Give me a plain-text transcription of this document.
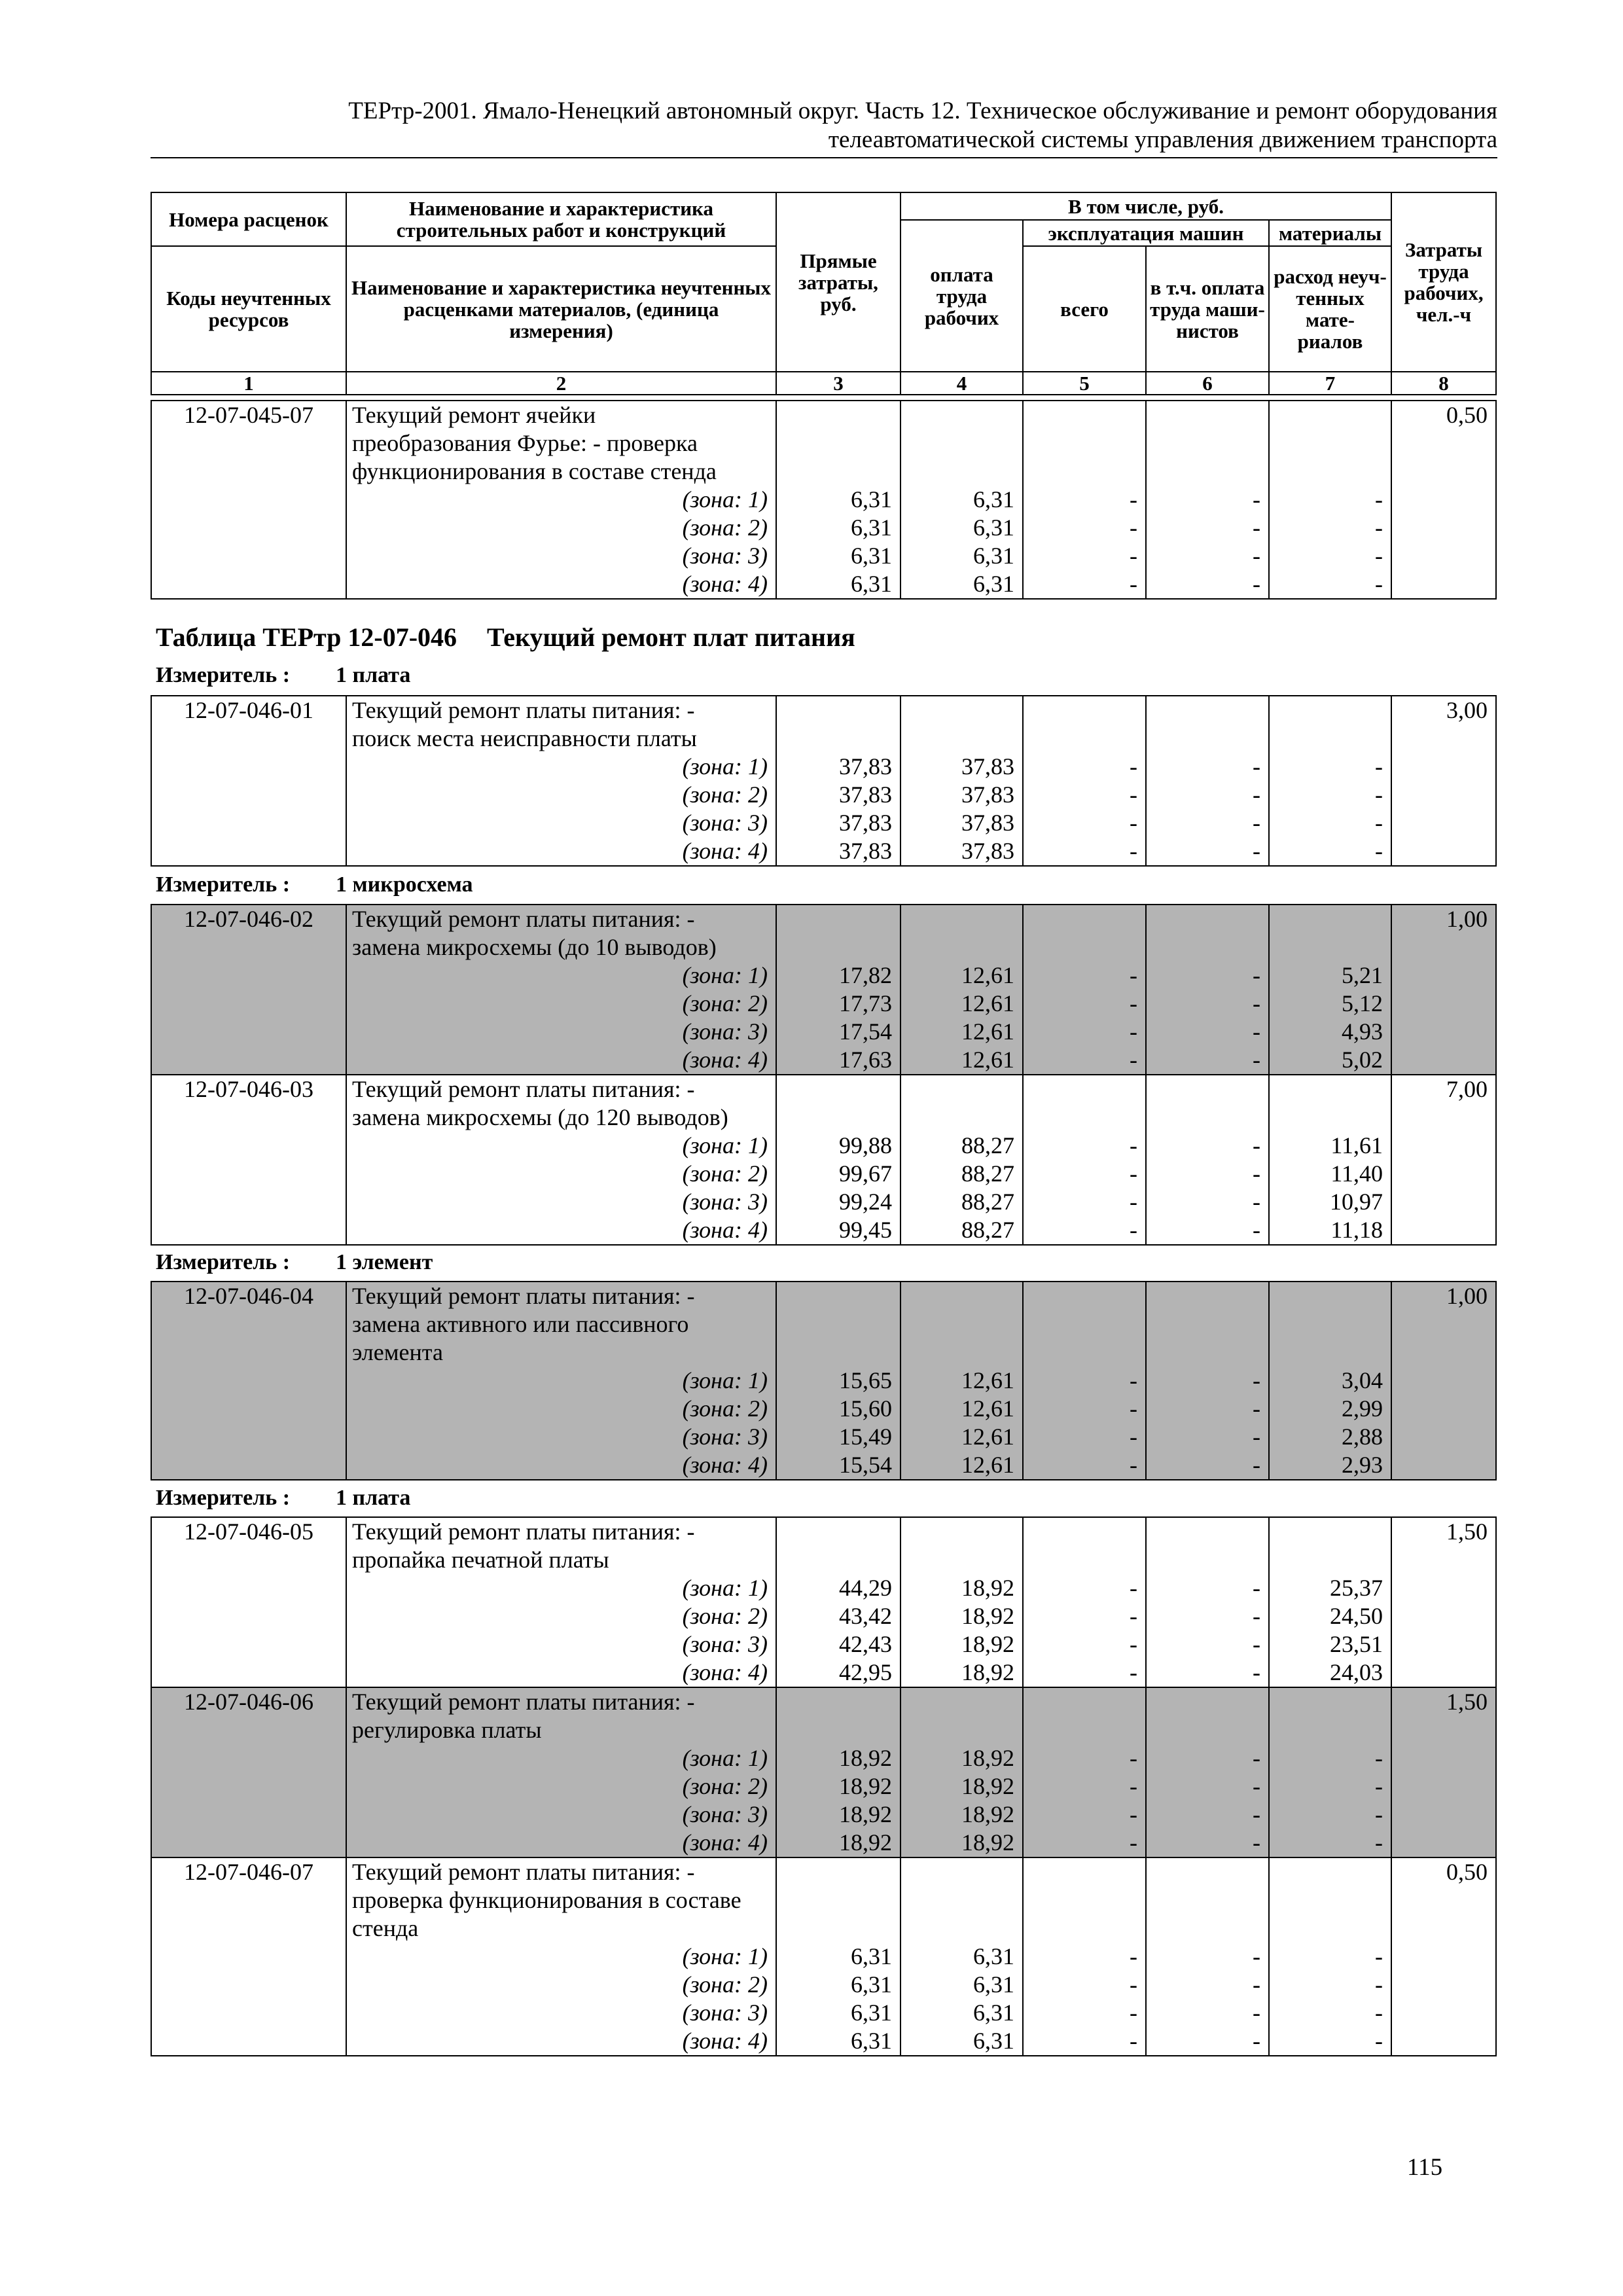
ТЕРтр-2001. Ямало-Ненецкий автономный округ. Часть 12. Техническое обслуживание и ремонт оборудования
телеавтоматической системы управления движением транспорта
Номера расценок	Наименование и характеристика строительных работ и конструкций	Прямые затраты, руб.	В том числе, руб.				Затраты труда рабочих, чел.-ч
			оплата труда рабочих	эксплуатация машин		материалы	
Коды неучтенных ресурсов	Наименование и характеристика неучтенных расценками материалов, (единица измерения)			всего	в т.ч. оплата труда маши- нистов	расход неуч- тенных мате- риалов	

1	2	3	4	5	6	7	8
12-07-045-07	Текущий ремонт ячейки						0,50
	преобразования Фурье: - проверка						
	функционирования в составе стенда						
	(зона: 1)	6,31	6,31	-	-	-	
	(зона: 2)	6,31	6,31	-	-	-	
	(зона: 3)	6,31	6,31	-	-	-	
	(зона: 4)	6,31	6,31	-	-	-	
Таблица ТЕРтр 12-07-046 Текущий ремонт плат питания
Измеритель : 1 плата
12-07-046-01	Текущий ремонт платы питания: -						3,00
	поиск места неисправности платы						
	(зона: 1)	37,83	37,83	-	-	-	
	(зона: 2)	37,83	37,83	-	-	-	
	(зона: 3)	37,83	37,83	-	-	-	
	(зона: 4)	37,83	37,83	-	-	-	
Измеритель : 1 микросхема
12-07-046-02	Текущий ремонт платы питания: -						1,00
	замена микросхемы (до 10 выводов)						
	(зона: 1)	17,82	12,61	-	-	5,21	
	(зона: 2)	17,73	12,61	-	-	5,12	
	(зона: 3)	17,54	12,61	-	-	4,93	
	(зона: 4)	17,63	12,61	-	-	5,02	
12-07-046-03	Текущий ремонт платы питания: -						7,00
	замена микросхемы (до 120 выводов)						
	(зона: 1)	99,88	88,27	-	-	11,61	
	(зона: 2)	99,67	88,27	-	-	11,40	
	(зона: 3)	99,24	88,27	-	-	10,97	
	(зона: 4)	99,45	88,27	-	-	11,18	
Измеритель : 1 элемент
12-07-046-04	Текущий ремонт платы питания: -						1,00
	замена активного или пассивного						
	элемента						
	(зона: 1)	15,65	12,61	-	-	3,04	
	(зона: 2)	15,60	12,61	-	-	2,99	
	(зона: 3)	15,49	12,61	-	-	2,88	
	(зона: 4)	15,54	12,61	-	-	2,93	
Измеритель : 1 плата
12-07-046-05	Текущий ремонт платы питания: -						1,50
	пропайка печатной платы						
	(зона: 1)	44,29	18,92	-	-	25,37	
	(зона: 2)	43,42	18,92	-	-	24,50	
	(зона: 3)	42,43	18,92	-	-	23,51	
	(зона: 4)	42,95	18,92	-	-	24,03	
12-07-046-06	Текущий ремонт платы питания: -						1,50
	регулировка платы						
	(зона: 1)	18,92	18,92	-	-	-	
	(зона: 2)	18,92	18,92	-	-	-	
	(зона: 3)	18,92	18,92	-	-	-	
	(зона: 4)	18,92	18,92	-	-	-	
12-07-046-07	Текущий ремонт платы питания: -						0,50
	проверка функционирования в составе						
	стенда						
	(зона: 1)	6,31	6,31	-	-	-	
	(зона: 2)	6,31	6,31	-	-	-	
	(зона: 3)	6,31	6,31	-	-	-	
	(зона: 4)	6,31	6,31	-	-	-	
115
